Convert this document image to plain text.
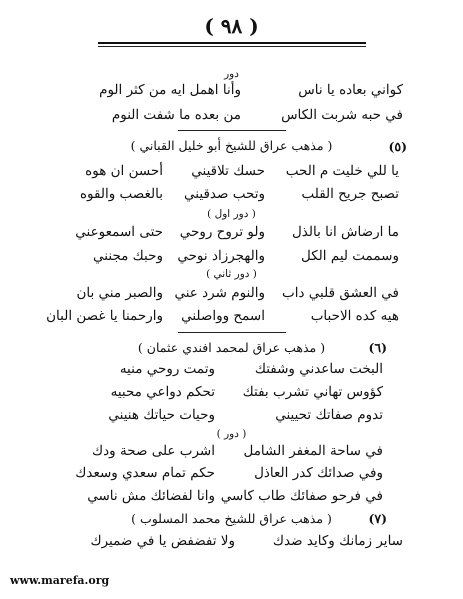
( ٩٨ )
دور
كواني بعاده يا ناس
وأنا اهمل ايه من كثر الوم
في حبه شربت الكاس
من بعده ما شفت النوم
(٥)
( مذهب عراق للشيخ أبو خليل القباني )
يا للي خليت م الحب
حسك تلاقيني
أحسن ان هوه
تصبح جريح القلب
وتحب صدقيني
بالغصب والقوه
( دور اول )
ما ارضاش انا بالذل
ولو تروح روحي
حتى اسمعوعني
وسممت ليم الكل
والهجرزاد نوحي
وحبك مجنني
( دور ثاني )
في العشق قلبي داب
والنوم شرد عني
والصبر مني بان
هيه كده الاحباب
اسمح وواصلني
وارحمنا يا غصن البان
(٦)
( مذهب عراق لمحمد افندي عثمان )
البخت ساعدني وشفتك
وتمت روحي منيه
كؤوس تهاني تشرب بفتك
تحكم دواعي محبيه
تدوم صفاتك تحييني
وحيات حياتك هنيني
( دور )
في ساحة المغفر الشامل
اشرب على صحة ودك
وفي صدائك كدر العاذل
حكم تمام سعدي وسعدك
في فرحو صفائك طاب كاسي
وانا لفضائك مش ناسي
(٧)
( مذهب عراق للشيخ محمد المسلوب )
ساير زمانك وكايد ضدك
ولا تفضفض يا في ضميرك
www.marefa.org
